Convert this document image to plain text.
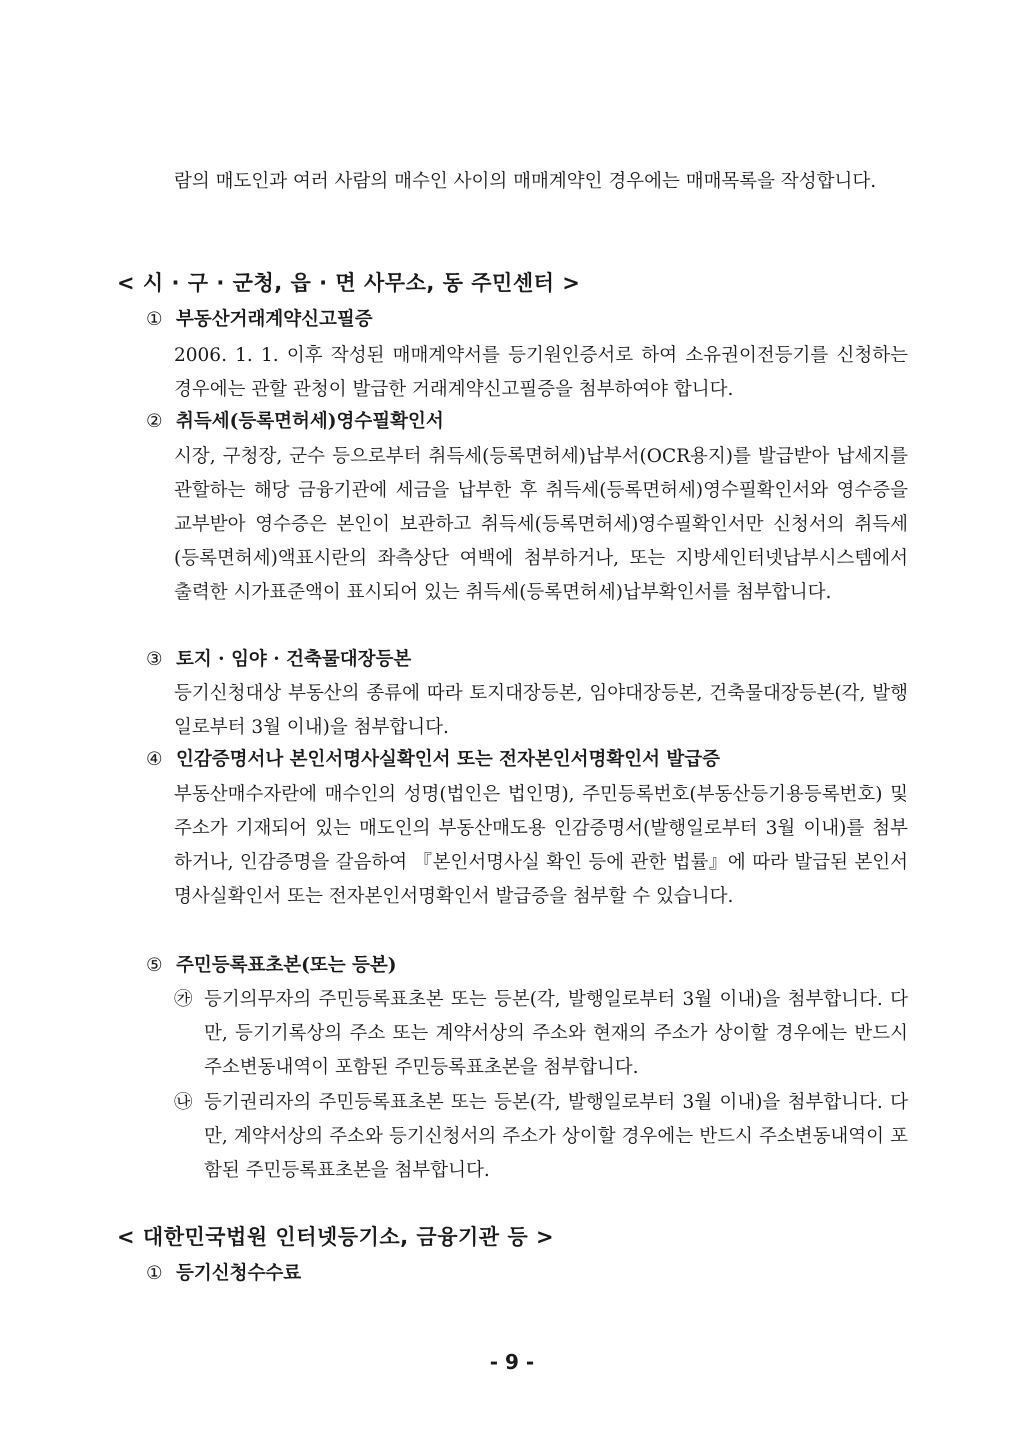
람의 매도인과 여러 사람의 매수인 사이의 매매계약인 경우에는 매매목록을 작성합니다.

< 시 · 구 · 군청, 읍 · 면 사무소, 동 주민센터 >
① 부동산거래계약신고필증

2006. 1. 1. 이후 작성된 매매계약서를 등기원인증서로 하여 소유권이전등기를 신청하는 경우에는 관할 관청이 발급한 거래계약신고필증을 첨부하여야 합니다.

② 취득세(등록면허세)영수필확인서

시장, 구청장, 군수 등으로부터 취득세(등록면허세)납부서(OCR용지)를 발급받아 납세지를 관할하는 해당 금융기관에 세금을 납부한 후 취득세(등록면허세)영수필확인서와 영수증을 교부받아 영수증은 본인이 보관하고 취득세(등록면허세)영수필확인서만 신청서의 취득세(등록면허세)액표시란의 좌측상단 여백에 첨부하거나, 또는 지방세인터넷납부시스템에서 출력한 시가표준액이 표시되어 있는 취득세(등록면허세)납부확인서를 첨부합니다.

③ 토지 · 임야 · 건축물대장등본

등기신청대상 부동산의 종류에 따라 토지대장등본, 임야대장등본, 건축물대장등본(각, 발행일로부터 3월 이내)을 첨부합니다.

④ 인감증명서나 본인서명사실확인서 또는 전자본인서명확인서 발급증

부동산매수자란에 매수인의 성명(법인은 법인명), 주민등록번호(부동산등기용등록번호) 및 주소가 기재되어 있는 매도인의 부동산매도용 인감증명서(발행일로부터 3월 이내)를 첨부하거나, 인감증명을 갈음하여 『본인서명사실 확인 등에 관한 법률』에 따라 발급된 본인서명사실확인서 또는 전자본인서명확인서 발급증을 첨부할 수 있습니다.

⑤ 주민등록표초본(또는 등본)
㉮ 등기의무자의 주민등록표초본 또는 등본(각, 발행일로부터 3월 이내)을 첨부합니다. 다만, 등기기록상의 주소 또는 계약서상의 주소와 현재의 주소가 상이할 경우에는 반드시 주소변동내역이 포함된 주민등록표초본을 첨부합니다.
㉯ 등기권리자의 주민등록표초본 또는 등본(각, 발행일로부터 3월 이내)을 첨부합니다. 다만, 계약서상의 주소와 등기신청서의 주소가 상이할 경우에는 반드시 주소변동내역이 포함된 주민등록표초본을 첨부합니다.
< 대한민국법원 인터넷등기소, 금융기관 등 >
① 등기신청수수료
- 9 -
